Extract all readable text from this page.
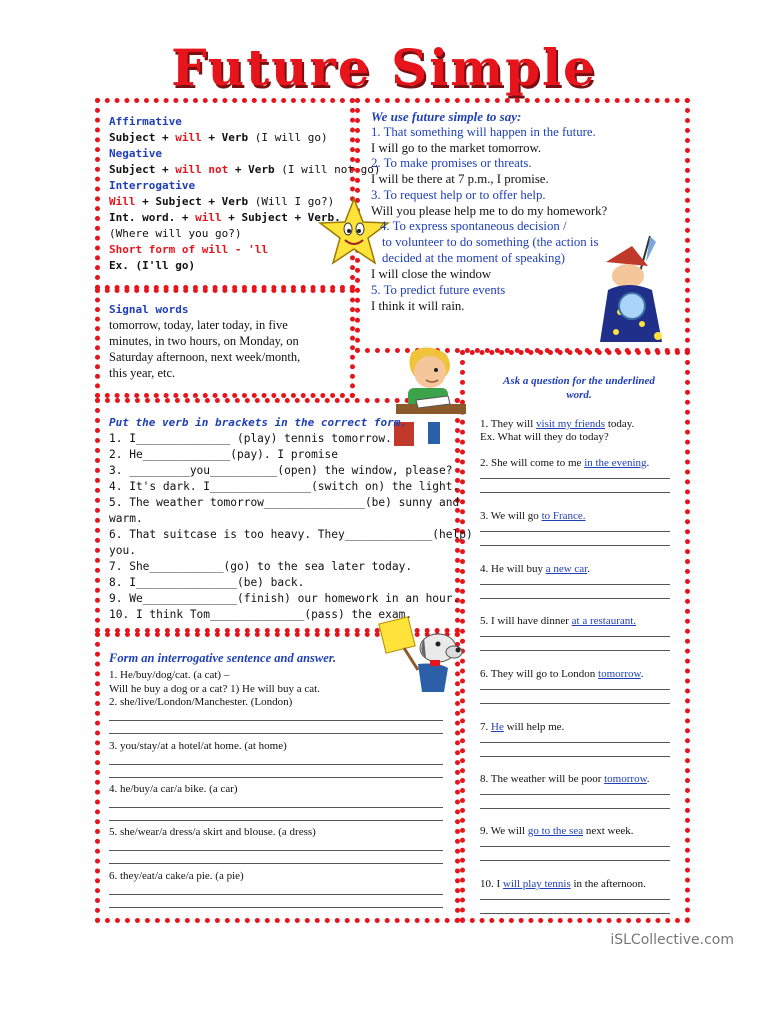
Future Simple
Affirmative
Subject + will + Verb (I will go)
Negative
Subject + will not + Verb (I will not go)
Interrogative
Will + Subject + Verb (Will I go?)
Int. word. + will + Subject + Verb.
(Where will you go?)
Short form of will - 'll
Ex. (I'll go)
We use future simple to say:
1. That something will happen in the future.
I will go to the market tomorrow.
2. To make promises or threats.
I will be there at 7 p.m., I promise.
3. To request help or to offer help.
Will you please help me to do my homework?
4. To express spontaneous decision /
to volunteer to do something (the action is
decided at the moment of speaking)
I will close the window
5. To predict future events
I think it will rain.
Signal words
tomorrow, today, later today, in five
minutes, in two hours, on Monday, on
Saturday afternoon, next week/month,
this year, etc.
Ask a question for the underlined
word.
1. They will visit my friends today.
Ex. What will they do today?
2. She will come to me in the evening.
3. We will go to France.
4. He will buy a new car.
5. I will have dinner at a restaurant.
6. They will go to London tomorrow.
7. He will help me.
8. The weather will be poor tomorrow.
9. We will go to the sea next week.
10. I will play tennis in the afternoon.
Put the verb in brackets in the correct form.
1. I______________ (play) tennis tomorrow.
2. He_____________(pay). I promise
3. _________you__________(open) the window, please?
4. It's dark. I_______________(switch on) the light.
5. The weather tomorrow_______________(be) sunny and
warm.
6. That suitcase is too heavy. They_____________(help)
you.
7. She___________(go) to the sea later today.
8. I_______________(be) back.
9. We______________(finish) our homework in an hour.
10. I think Tom______________(pass) the exam.
Form an interrogative sentence and answer.
1. He/buy/dog/cat. (a cat) –
Will he buy a dog or a cat? 1) He will buy a cat.
2. she/live/London/Manchester. (London)
3. you/stay/at a hotel/at home. (at home)
4. he/buy/a car/a bike. (a car)
5. she/wear/a dress/a skirt and blouse. (a dress)
6. they/eat/a cake/a pie. (a pie)
iSLCollective.com
